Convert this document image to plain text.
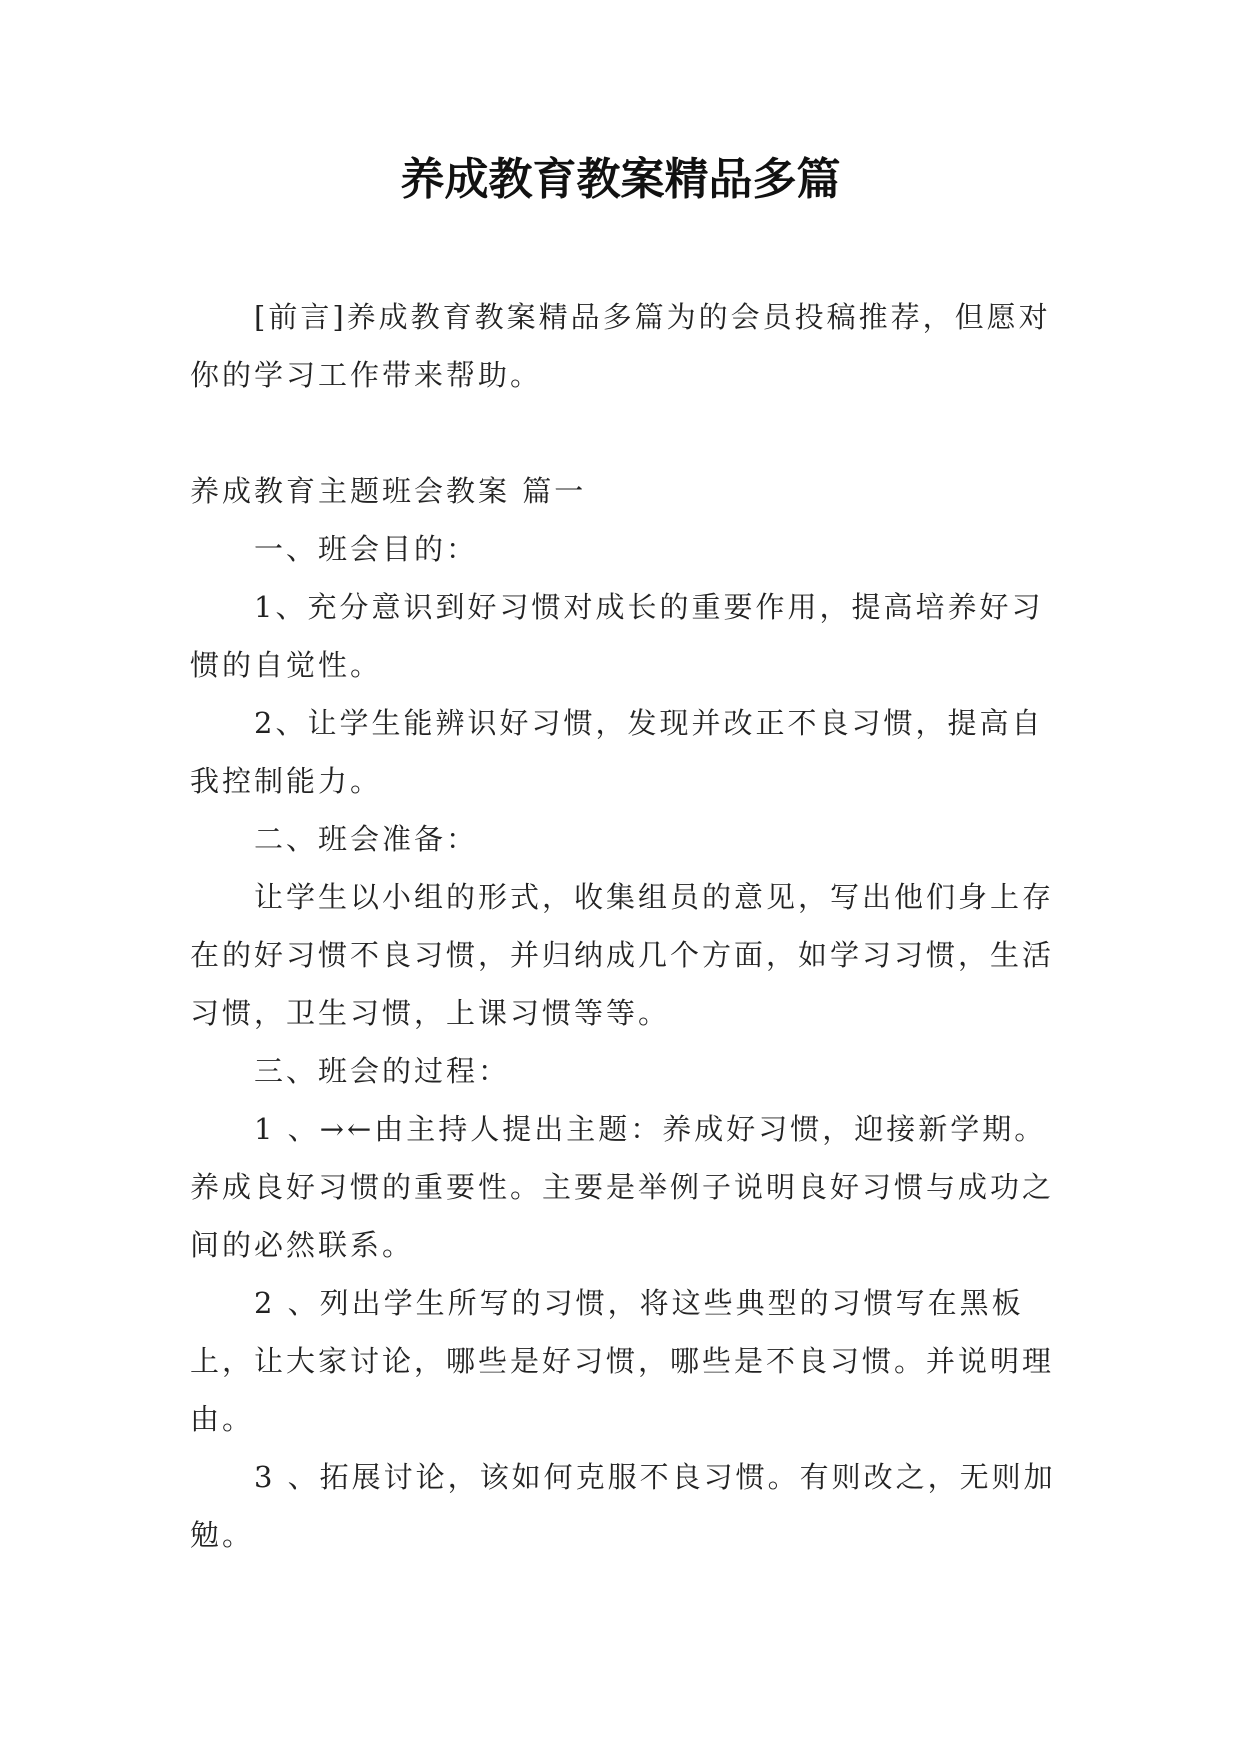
养成教育教案精品多篇

[前言]养成教育教案精品多篇为的会员投稿推荐，但愿对你的学习工作带来帮助。

养成教育主题班会教案 篇一

一、班会目的：

1、充分意识到好习惯对成长的重要作用，提高培养好习惯的自觉性。

2、让学生能辨识好习惯，发现并改正不良习惯，提高自我控制能力。

二、班会准备：

让学生以小组的形式，收集组员的意见，写出他们身上存在的好习惯不良习惯，并归纳成几个方面，如学习习惯，生活习惯，卫生习惯，上课习惯等等。

三、班会的过程：

1 、→←由主持人提出主题：养成好习惯，迎接新学期。养成良好习惯的重要性。主要是举例子说明良好习惯与成功之间的必然联系。

2 、列出学生所写的习惯，将这些典型的习惯写在黑板上，让大家讨论，哪些是好习惯，哪些是不良习惯。并说明理由。

3 、拓展讨论，该如何克服不良习惯。有则改之，无则加勉。
